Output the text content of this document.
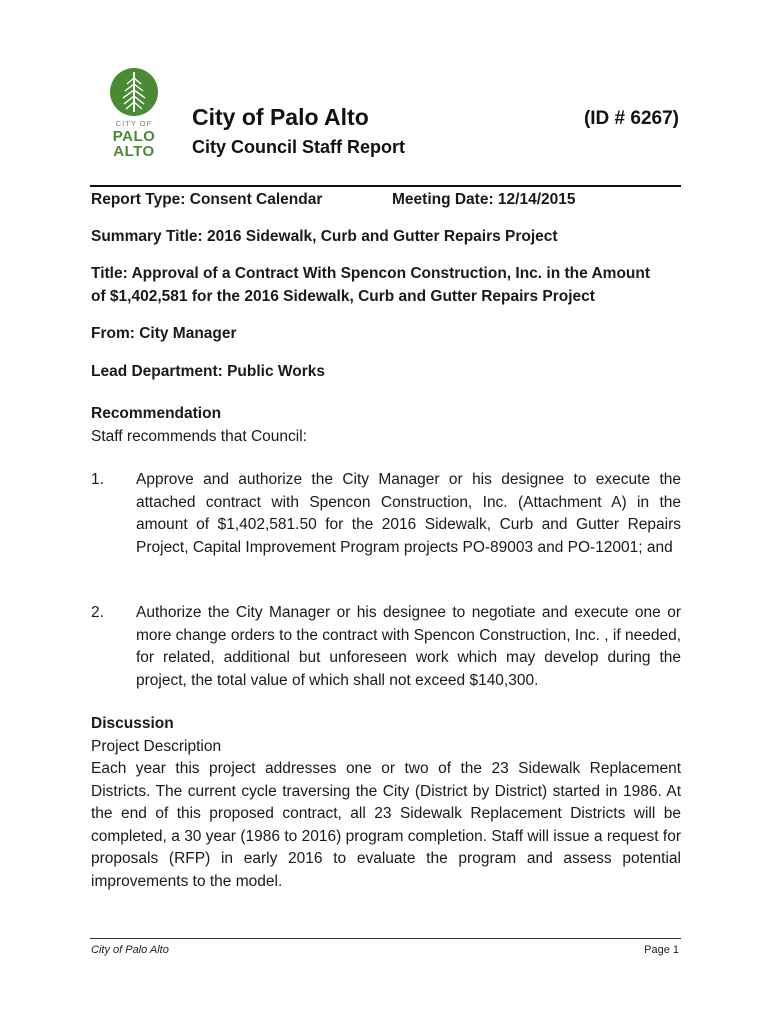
CITY OF
PALO
ALTO
City of Palo Alto	(ID # 6267)
City Council Staff Report
Report Type: Consent Calendar	Meeting Date: 12/14/2015
Summary Title: 2016 Sidewalk, Curb and Gutter Repairs Project
Title: Approval of a Contract With Spencon Construction, Inc. in the Amount
of $1,402,581 for the 2016 Sidewalk, Curb and Gutter Repairs Project
From: City Manager
Lead Department: Public Works
Recommendation
Staff recommends that Council:
1. Approve and authorize the City Manager or his designee to execute the attached contract with Spencon Construction, Inc. (Attachment A) in the amount of $1,402,581.50 for the 2016 Sidewalk, Curb and Gutter Repairs Project, Capital Improvement Program projects PO-89003 and PO-12001; and
2. Authorize the City Manager or his designee to negotiate and execute one or more change orders to the contract with Spencon Construction, Inc. , if needed, for related, additional but unforeseen work which may develop during the project, the total value of which shall not exceed $140,300.
Discussion
Project Description
Each year this project addresses one or two of the 23 Sidewalk Replacement Districts. The current cycle traversing the City (District by District) started in 1986. At the end of this proposed contract, all 23 Sidewalk Replacement Districts will be completed, a 30 year (1986 to 2016) program completion. Staff will issue a request for proposals (RFP) in early 2016 to evaluate the program and assess potential improvements to the model.
City of Palo Alto	Page 1
